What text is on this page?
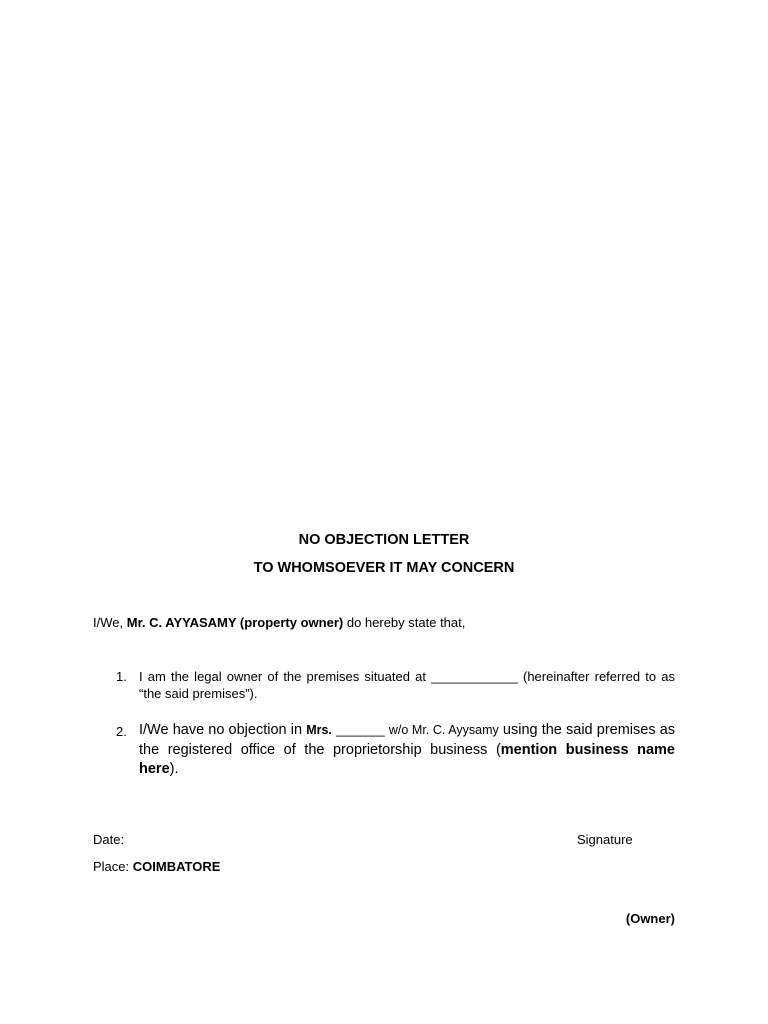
NO OBJECTION LETTER

TO WHOMSOEVER IT MAY CONCERN

I/We, Mr. C. AYYASAMY (property owner) do hereby state that,

1. I am the legal owner of the premises situated at ____________ (hereinafter referred to as “the said premises”).
2. I/We have no objection in Mrs. _______ w/o Mr. C. Ayysamy using the said premises as the registered office of the proprietorship business (mention business name here).

Date:	Signature

Place: COIMBATORE

(Owner)
